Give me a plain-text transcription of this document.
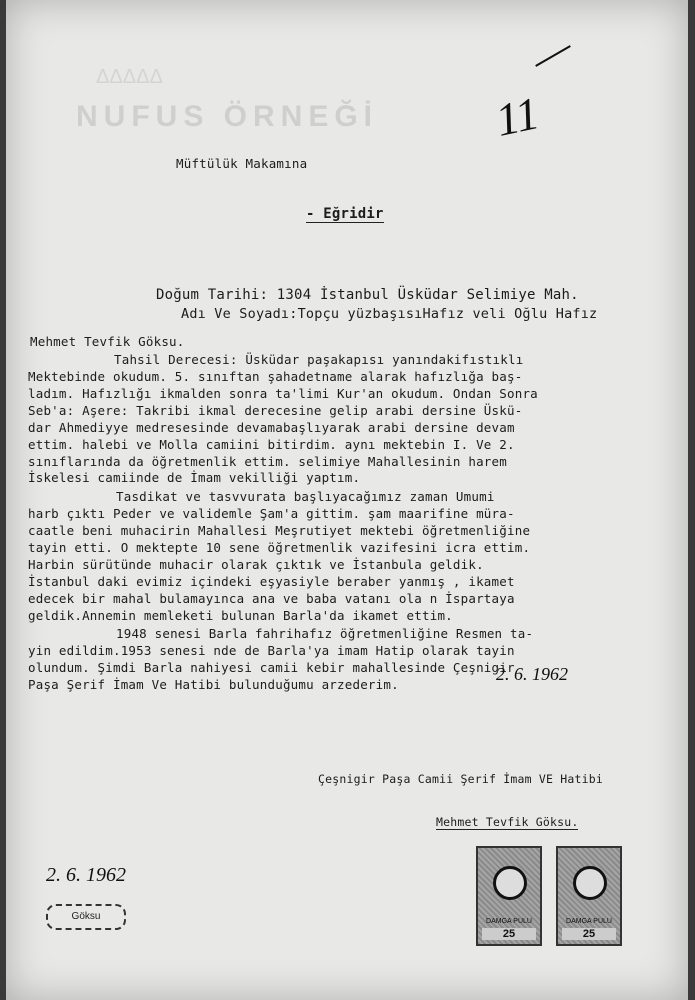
ΔΔΔΔΔ
NUFUS ÖRNEĞİ 11
Müftülük Makamına
- Eğridir
Doğum Tarihi: 1304 İstanbul Üsküdar Selimiye Mah.
Adı Ve Soyadı:Topçu yüzbaşısıHafız veli Oğlu Hafız
Mehmet Tevfik Göksu.
Tahsil Derecesi: Üsküdar paşakapısı yanındakifıstıklı
Mektebinde okudum. 5. sınıftan şahadetname alarak hafızlığa baş-
ladım. Hafızlığı ikmalden sonra ta'limi Kur'an okudum. Ondan Sonra
Seb'a: Aşere: Takribi ikmal derecesine gelip arabi dersine Üskü-
dar Ahmediyye medresesinde devamabaşlıyarak arabi dersine devam
ettim. halebi ve Molla camiini bitirdim. aynı mektebin I. Ve 2.
sınıflarında da öğretmenlik ettim. selimiye Mahallesinin harem
İskelesi camiinde de İmam vekilliği yaptım.
Tasdikat ve tasvvurata başlıyacağımız zaman Umumi
harb çıktı Peder ve validemle Şam'a gittim. şam maarifine müra-
caatle beni muhacirin Mahallesi Meşrutiyet mektebi öğretmenliğine
tayin etti. O mektepte 10 sene öğretmenlik vazifesini icra ettim.
Harbin sürütünde muhacir olarak çıktık ve İstanbula geldik.
İstanbul daki evimiz içindeki eşyasiyle beraber yanmış , ikamet
edecek bir mahal bulamayınca ana ve baba vatanı ola n İspartaya
geldik.Annemin memleketi bulunan Barla'da ikamet ettim.
1948 senesi Barla fahrihafız öğretmenliğine Resmen ta-
yin edildim.1953 senesi nde de Barla'ya imam Hatip olarak tayin
olundum. Şimdi Barla nahiyesi camii kebir mahallesinde Çeşnigir
Paşa Şerif İmam Ve Hatibi bulunduğumu arzederim.
2. 6. 1962
Çeşnigir Paşa Camii Şerif İmam VE Hatibi
Mehmet Tevfik Göksu.
2. 6. 1962
Göksu	DAMGA PULU
25
DAMGA PULU
25
